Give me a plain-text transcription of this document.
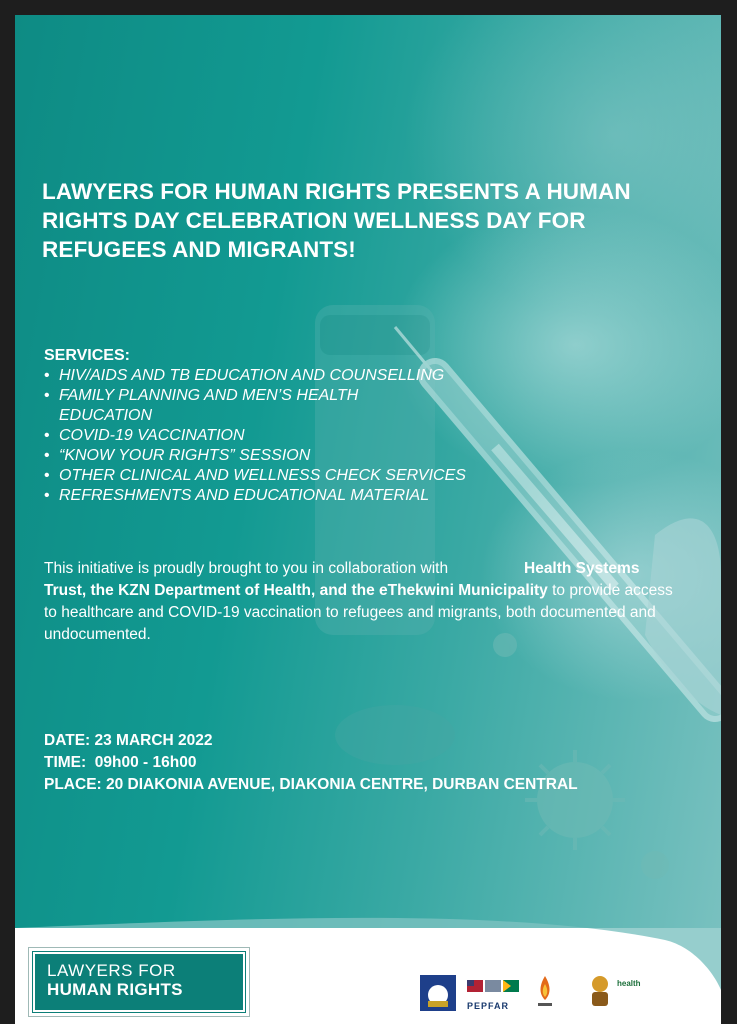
LAWYERS FOR HUMAN RIGHTS PRESENTS A HUMAN RIGHTS DAY CELEBRATION WELLNESS DAY FOR REFUGEES AND MIGRANTS!
SERVICES:
• HIV/AIDS AND TB EDUCATION AND COUNSELLING
• FAMILY PLANNING AND MEN’S HEALTH EDUCATION
• COVID-19 VACCINATION
• “KNOW YOUR RIGHTS” SESSION
• OTHER CLINICAL AND WELLNESS CHECK SERVICES
• REFRESHMENTS AND EDUCATIONAL MATERIAL

This initiative is proudly brought to you in collaboration with	Health Systems Trust, the KZN Department of Health, and the eThekwini Municipality to provide access to healthcare and COVID-19 vaccination to refugees and migrants, both documented and undocumented.

DATE: 23 MARCH 2022
TIME:  09h00 - 16h00
PLACE: 20 DIAKONIA AVENUE, DIAKONIA CENTRE, DURBAN CENTRAL
LAWYERS FOR
HUMAN RIGHTS
PEPFAR
health
